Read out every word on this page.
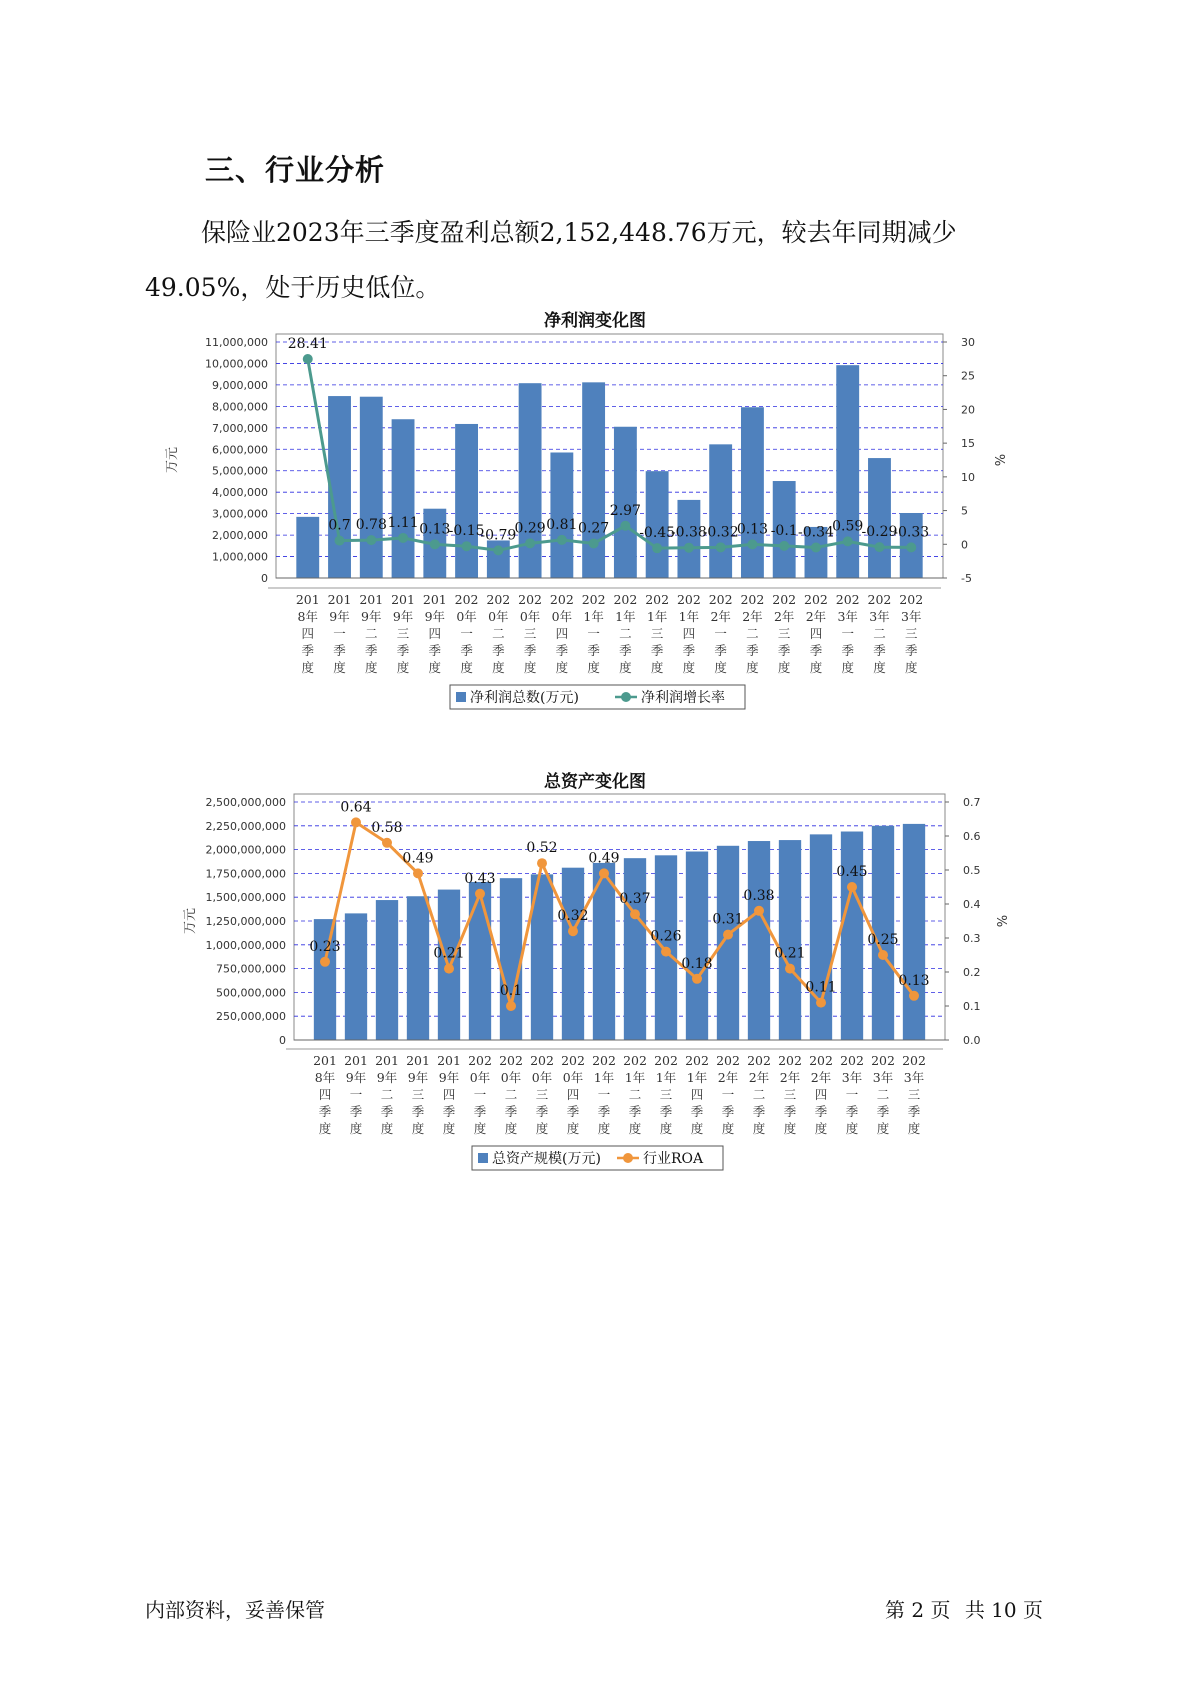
三、行业分析
保险业2023年三季度盈利总额2,152,448.76万元，较去年同期减少
49.05%，处于历史低位。
净利润变化图
0
1,000,000
2,000,000
3,000,000
4,000,000
5,000,000
6,000,000
7,000,000
8,000,000
9,000,000
10,000,000
11,000,000
-5
0
5
10
15
20
25
30
万元	%
28.41
0.7 0.78 1.11 0.13
-0.15
-0.79
0.29 0.81 0.27
2.97
-0.45
-0.38
-0.32
0.13 -0.1 -0.34
0.59
-0.29
-0.33
201 8年四季度
201 9年一季度
201 9年二季度
201 9年三季度
201 9年四季度
202 0年一季度
202 0年二季度
202 0年三季度
202 0年四季度
202 1年一季度
202 1年二季度
202 1年三季度
202 1年四季度
202 2年一季度
202 2年二季度
202 2年三季度
202 2年四季度
202 3年一季度
202 3年二季度
202 3年三季度
净利润总数(万元)	净利润增长率
总资产变化图
0
250,000,000
500,000,000
750,000,000
1,000,000,000
1,250,000,000
1,500,000,000
1,750,000,000
2,000,000,000
2,250,000,000
2,500,000,000
0.0
0.1
0.2
0.3
0.4
0.5
0.6
0.7
万元	%
0.23
0.64
0.58
0.49
0.21
0.43
0.1
0.52
0.32
0.49
0.37
0.26
0.18
0.31
0.38
0.21
0.11
0.45
0.25
0.13
201 8年四季度
201 9年一季度
201 9年二季度
201 9年三季度
201 9年四季度
202 0年一季度
202 0年二季度
202 0年三季度
202 0年四季度
202 1年一季度
202 1年二季度
202 1年三季度
202 1年四季度
202 2年一季度
202 2年二季度
202 2年三季度
202 2年四季度
202 3年一季度
202 3年二季度
202 3年三季度
总资产规模(万元)	行业ROA
内部资料，妥善保管	第 2 页 共 10 页
